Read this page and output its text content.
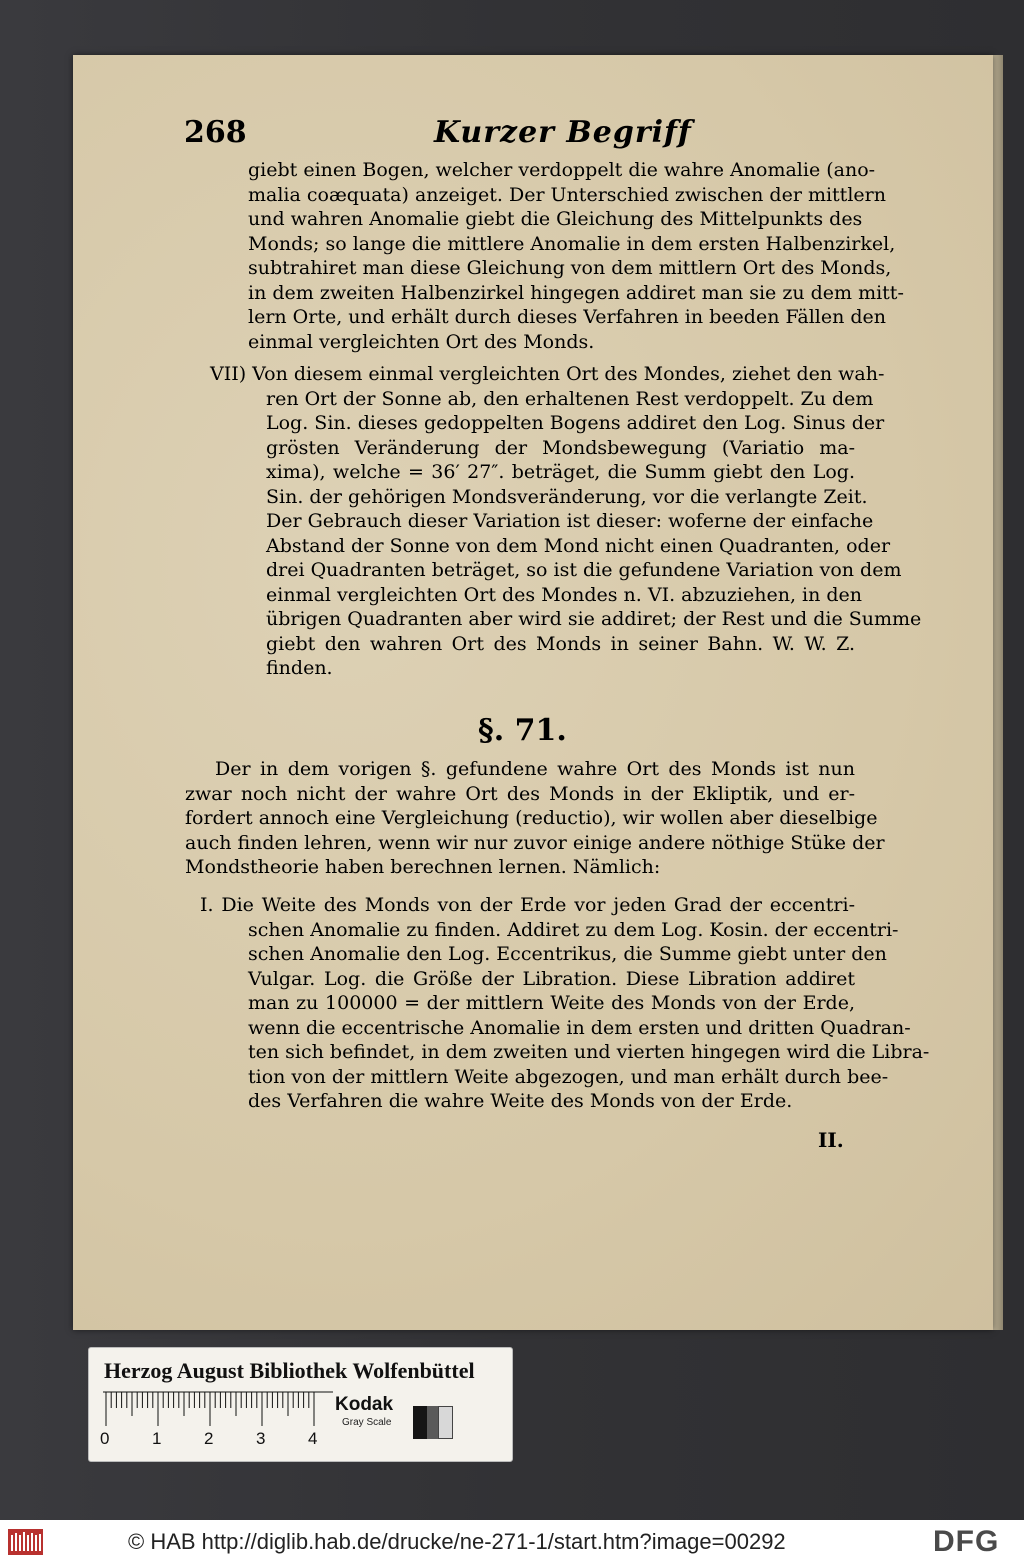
268	Kurzer Begriff
giebt einen Bogen, welcher verdoppelt die wahre Anomalie (ano-
malia coæquata) anzeiget. Der Unterschied zwischen der mittlern
und wahren Anomalie giebt die Gleichung des Mittelpunkts des
Monds; so lange die mittlere Anomalie in dem ersten Halbenzirkel,
subtrahiret man diese Gleichung von dem mittlern Ort des Monds,
in dem zweiten Halbenzirkel hingegen addiret man sie zu dem mitt-
lern Orte, und erhält durch dieses Verfahren in beeden Fällen den
einmal vergleichten Ort des Monds.
VII) Von diesem einmal vergleichten Ort des Mondes, ziehet den wah-
ren Ort der Sonne ab, den erhaltenen Rest verdoppelt. Zu dem
Log. Sin. dieses gedoppelten Bogens addiret den Log. Sinus der
grösten Veränderung der Mondsbewegung (Variatio ma-
xima), welche = 36′ 27″. beträget, die Summ giebt den Log.
Sin. der gehörigen Mondsveränderung, vor die verlangte Zeit.
Der Gebrauch dieser Variation ist dieser: woferne der einfache
Abstand der Sonne von dem Mond nicht einen Quadranten, oder
drei Quadranten beträget, so ist die gefundene Variation von dem
einmal vergleichten Ort des Mondes n. VI. abzuziehen, in den
übrigen Quadranten aber wird sie addiret; der Rest und die Summe
giebt den wahren Ort des Monds in seiner Bahn. W. W. Z.
finden.
§. 71.
Der in dem vorigen §. gefundene wahre Ort des Monds ist nun
zwar noch nicht der wahre Ort des Monds in der Ekliptik, und er-
fordert annoch eine Vergleichung (reductio), wir wollen aber dieselbige
auch finden lehren, wenn wir nur zuvor einige andere nöthige Stüke der
Mondstheorie haben berechnen lernen. Nämlich:
I. Die Weite des Monds von der Erde vor jeden Grad der eccentri-
schen Anomalie zu finden. Addiret zu dem Log. Kosin. der eccentri-
schen Anomalie den Log. Eccentrikus, die Summe giebt unter den
Vulgar. Log. die Größe der Libration. Diese Libration addiret
man zu 100000 = der mittlern Weite des Monds von der Erde,
wenn die eccentrische Anomalie in dem ersten und dritten Quadran-
ten sich befindet, in dem zweiten und vierten hingegen wird die Libra-
tion von der mittlern Weite abgezogen, und man erhält durch bee-
des Verfahren die wahre Weite des Monds von der Erde.
II.
Herzog August Bibliothek Wolfenbüttel
0	1	2	3	4
Kodak
Gray Scale
© HAB http://diglib.hab.de/drucke/ne-271-1/start.htm?image=00292	DFG
